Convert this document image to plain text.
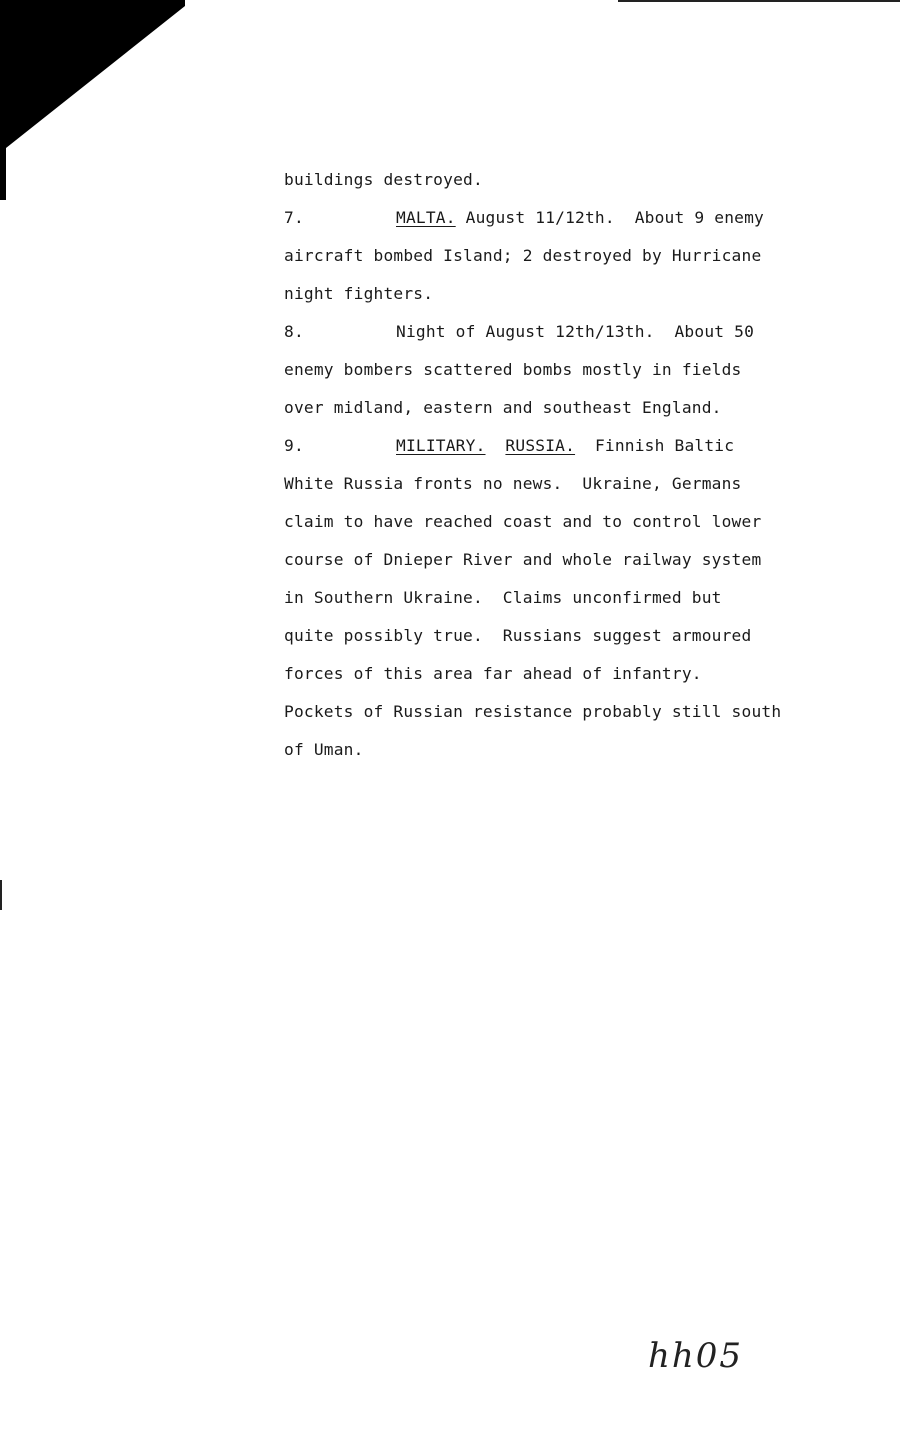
buildings destroyed.
7.	MALTA. August 11/12th.  About 9 enemy
aircraft bombed Island; 2 destroyed by Hurricane
night fighters.
8.	Night of August 12th/13th.  About 50
enemy bombers scattered bombs mostly in fields
over midland, eastern and southeast England.
9.	MILITARY. RUSSIA.  Finnish Baltic
White Russia fronts no news.  Ukraine, Germans
claim to have reached coast and to control lower
course of Dnieper River and whole railway system
in Southern Ukraine.  Claims unconfirmed but
quite possibly true.  Russians suggest armoured
forces of this area far ahead of infantry.
Pockets of Russian resistance probably still south
of Uman.
hh05
